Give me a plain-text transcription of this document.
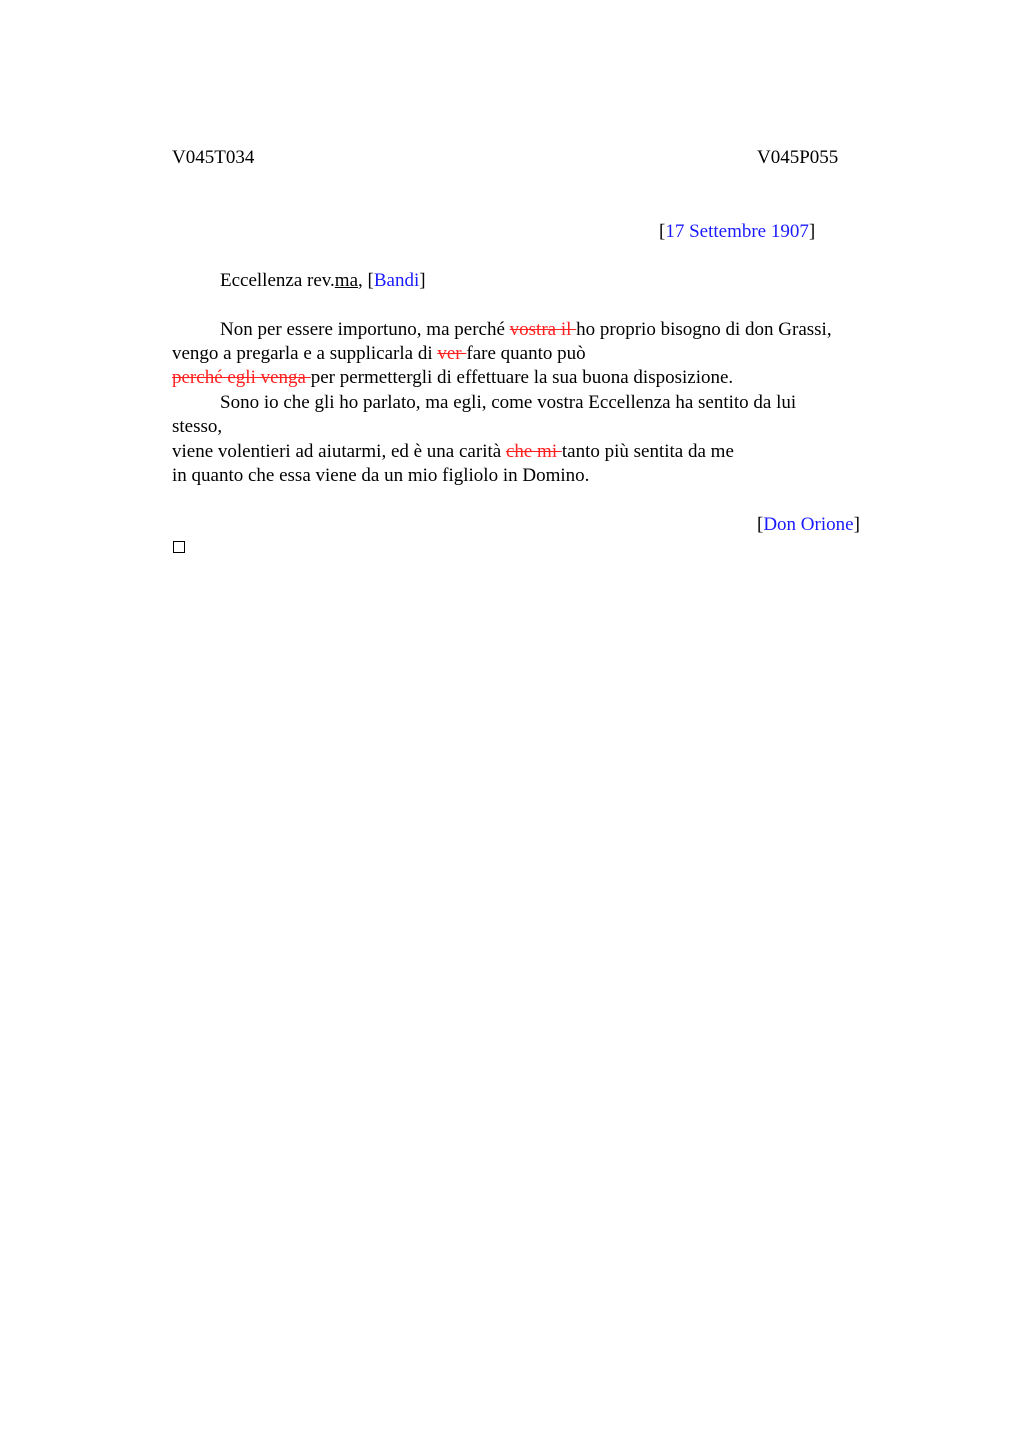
V045T034	V045P055
[17 Settembre 1907]
Eccellenza rev.ma, [Bandi]
Non per essere importuno, ma perché vostra il ho proprio bisogno di don Grassi,
vengo a pregarla e a supplicarla di ver fare quanto può
perché egli venga per permettergli di effettuare la sua buona disposizione.
Sono io che gli ho parlato, ma egli, come vostra Eccellenza ha sentito da lui
stesso,
viene volentieri ad aiutarmi, ed è una carità che mi tanto più sentita da me
in quanto che essa viene da un mio figliolo in Domino.
[Don Orione]
